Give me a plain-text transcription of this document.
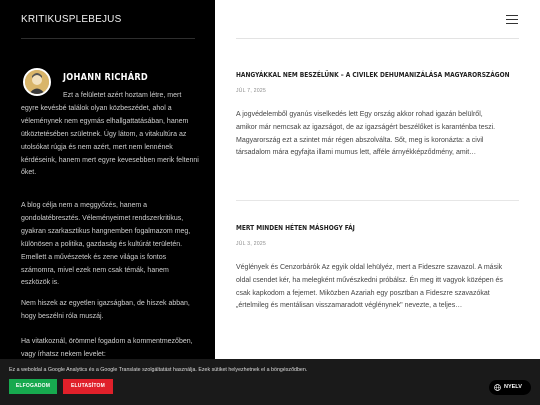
KRITIKUSPLEBEJUS
JOHANN RICHÁRD

Ezt a felületet azért hoztam létre, mert egyre kevésbé találok olyan közbeszédet, ahol a véleménynek nem egymás elhallgattatásában, hanem ütköztetésében születnek. Úgy látom, a vitakultúra az utolsókat rúgja és nem azért, mert nem lennének kérdéseink, hanem mert egyre kevesebben merik feltenni őket.

A blog célja nem a meggyőzés, hanem a gondolatébresztés. Véleményeimet rendszerkritikus, gyakran szarkasztikus hangnemben fogalmazom meg, különösen a politika, gazdaság és kultúrát területén. Emellett a művészetek és zene világa is fontos számomra, mivel ezek nem csak témák, hanem eszközök is.

Nem hiszek az egyetlen igazságban, de hiszek abban, hogy beszélni róla muszáj.

Ha vitatkoznál, örömmel fogadom a kommentmezőben, vagy írhatsz nekem levelet:

HANGYÁKKAL NEM BESZÉLÜNK – A CIVILEK DEHUMANIZÁLÁSA MAGYARORSZÁGON
JÚL 7, 2025

A jogvédelemből gyanús viselkedés lett Egy ország akkor rohad igazán belülről, amikor már nemcsak az igazságot, de az igazságért beszélőket is karanténba teszi. Magyarország ezt a szintet már régen abszolválta. Sőt, meg is koronázta: a civil társadalom mára egyfajta illami mumus lett, afféle árnyékképződmény, amit…

MERT MINDEN HÉTEN MÁSHOGY FÁJ
JÚL 3, 2025

Véglények és Cenzorbárók Az egyik oldal lehülyéz, mert a Fideszre szavazol. A másik oldal csendet kér, ha melegként művészkedni próbálsz. Én meg itt vagyok középen és csak kapkodom a fejemet. Miközben Azariah egy posztban a Fideszre szavazókat „értelmileg és mentálisan visszamaradott véglénynek" nevezte, a teljes…

Ez a weboldal a Google Analytics és a Google Translate szolgáltatást használja. Ezek sütiket helyezhetnek el a böngésződben.
ELFOGADOM	ELUTASÍTOM	NYELV
